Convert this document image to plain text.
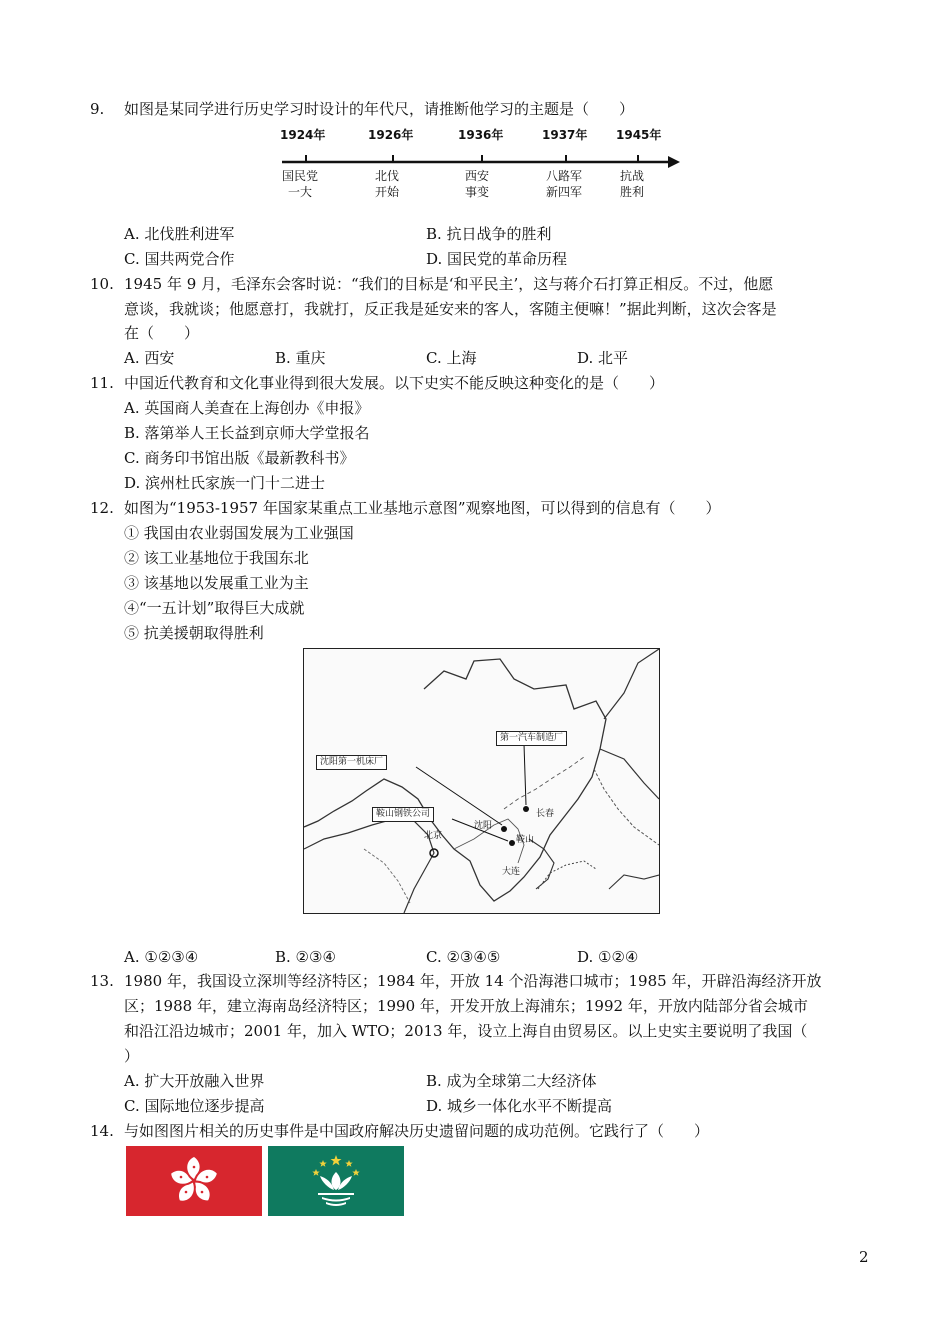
9. 如图是某同学进行历史学习时设计的年代尺，请推断他学习的主题是（　　）
1924年	1926年	1936年	1937年 1945年
国民党
一大
北伐
开始
西安
事变
八路军
新四军
抗战
胜利
A. 北伐胜利进军	B. 抗日战争的胜利
C. 国共两党合作	D. 国民党的革命历程
10. 1945 年 9 月，毛泽东会客时说：“我们的目标是‘和平民主’，这与蒋介石打算正相反。不过，他愿
意谈，我就谈；他愿意打，我就打，反正我是延安来的客人，客随主便嘛！”据此判断，这次会客是
在（　　）
A. 西安	B. 重庆	C. 上海	D. 北平
11. 中国近代教育和文化事业得到很大发展。以下史实不能反映这种变化的是（　　）
A. 英国商人美查在上海创办《申报》
B. 落第举人王长益到京师大学堂报名
C. 商务印书馆出版《最新教科书》
D. 滨州杜氏家族一门十二进士
12. 如图为“1953-1957 年国家某重点工业基地示意图”观察地图，可以得到的信息有（　　）
① 我国由农业弱国发展为工业强国
② 该工业基地位于我国东北
③ 该基地以发展重工业为主
④“一五计划”取得巨大成就
⑤ 抗美援朝取得胜利
第一汽车制造厂
沈阳第一机床厂
鞍山钢铁公司	长春
沈阳
北京	鞍山
大连
A. ①②③④	B. ②③④	C. ②③④⑤	D. ①②④
13. 1980 年，我国设立深圳等经济特区；1984 年，开放 14 个沿海港口城市；1985 年，开辟沿海经济开放
区；1988 年，建立海南岛经济特区；1990 年，开发开放上海浦东；1992 年，开放内陆部分省会城市
和沿江沿边城市；2001 年，加入 WTO；2013 年，设立上海自由贸易区。以上史实主要说明了我国（
）
A. 扩大开放融入世界	B. 成为全球第二大经济体
C. 国际地位逐步提高	D. 城乡一体化水平不断提高
14. 与如图图片相关的历史事件是中国政府解决历史遗留问题的成功范例。它践行了（　　）
2
